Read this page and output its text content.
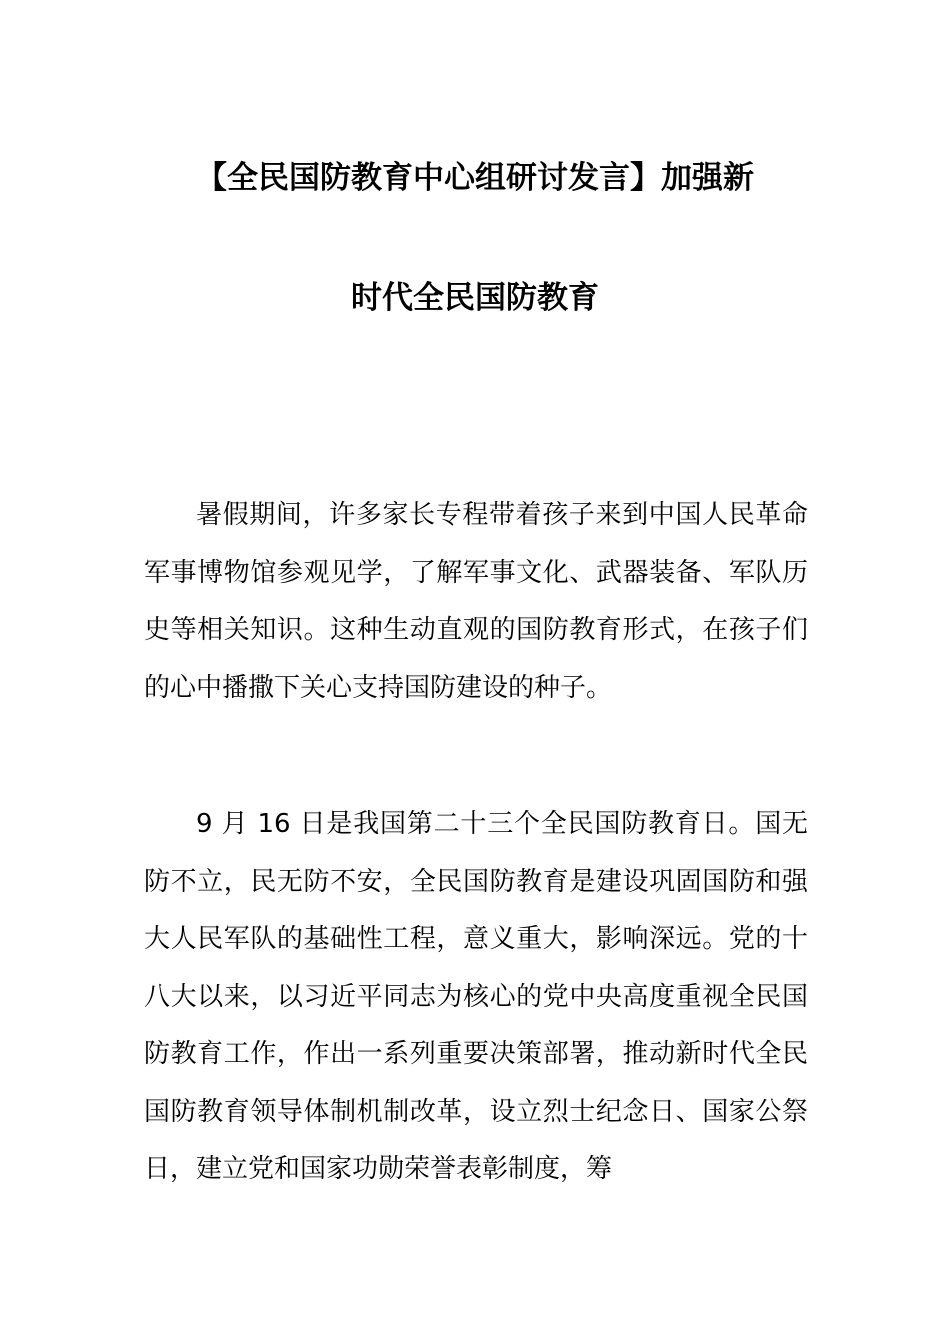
【全民国防教育中心组研讨发言】加强新
时代全民国防教育

暑假期间，许多家长专程带着孩子来到中国人民革命军事博物馆参观见学，了解军事文化、武器装备、军队历史等相关知识。这种生动直观的国防教育形式，在孩子们的心中播撒下关心支持国防建设的种子。

9 月 16 日是我国第二十三个全民国防教育日。国无防不立，民无防不安，全民国防教育是建设巩固国防和强大人民军队的基础性工程，意义重大，影响深远。党的十八大以来，以习近平同志为核心的党中央高度重视全民国防教育工作，作出一系列重要决策部署，推动新时代全民国防教育领导体制机制改革，设立烈士纪念日、国家公祭日，建立党和国家功勋荣誉表彰制度，筹
